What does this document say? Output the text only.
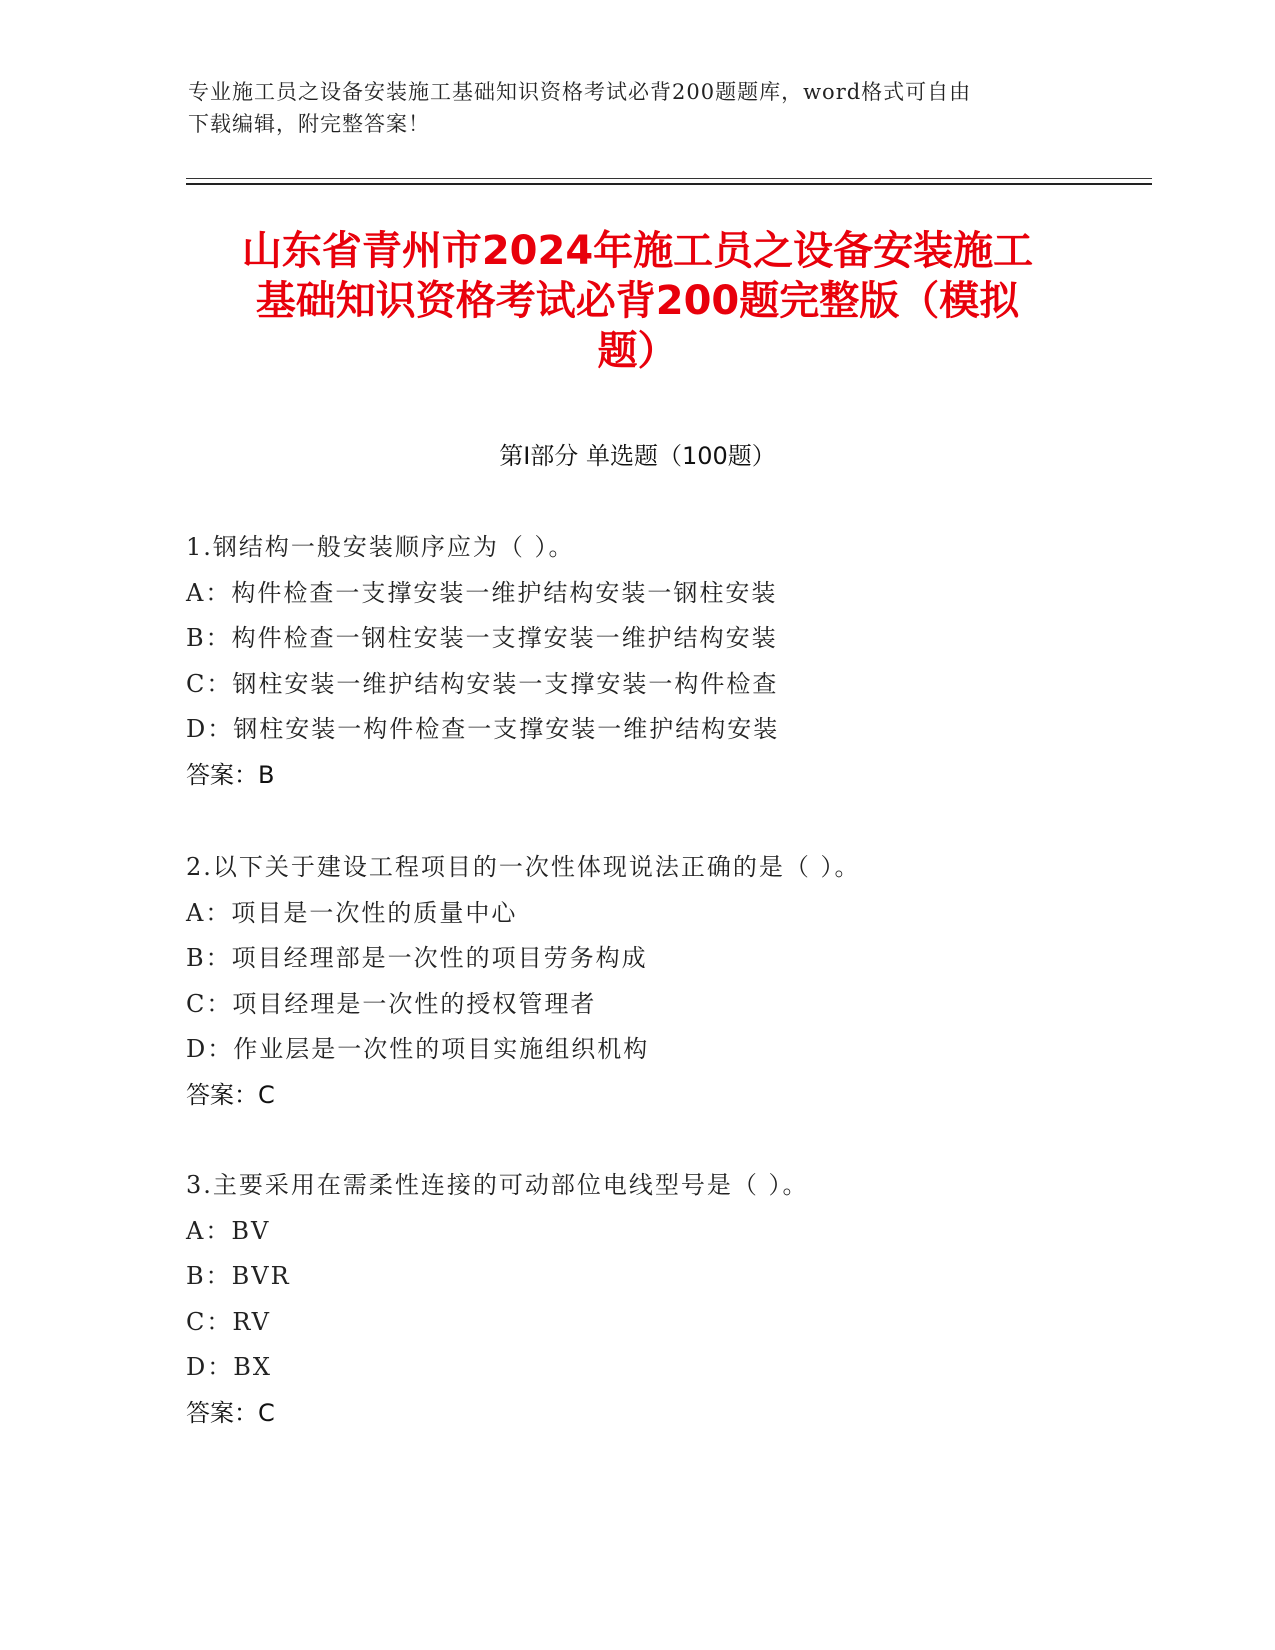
专业施工员之设备安装施工基础知识资格考试必背200题题库，word格式可自由
下载编辑，附完整答案！
山东省青州市2024年施工员之设备安装施工
基础知识资格考试必背200题完整版（模拟
题）
第Ⅰ部分 单选题（100题）
1.钢结构一般安装顺序应为（ ）。
A：构件检查一支撑安装一维护结构安装一钢柱安装
B：构件检查一钢柱安装一支撑安装一维护结构安装
C：钢柱安装一维护结构安装一支撑安装一构件检查
D：钢柱安装一构件检查一支撑安装一维护结构安装
答案：B
2.以下关于建设工程项目的一次性体现说法正确的是（ ）。
A：项目是一次性的质量中心
B：项目经理部是一次性的项目劳务构成
C：项目经理是一次性的授权管理者
D：作业层是一次性的项目实施组织机构
答案：C
3.主要采用在需柔性连接的可动部位电线型号是（ ）。
A：BV
B：BVR
C：RV
D：BX
答案：C
